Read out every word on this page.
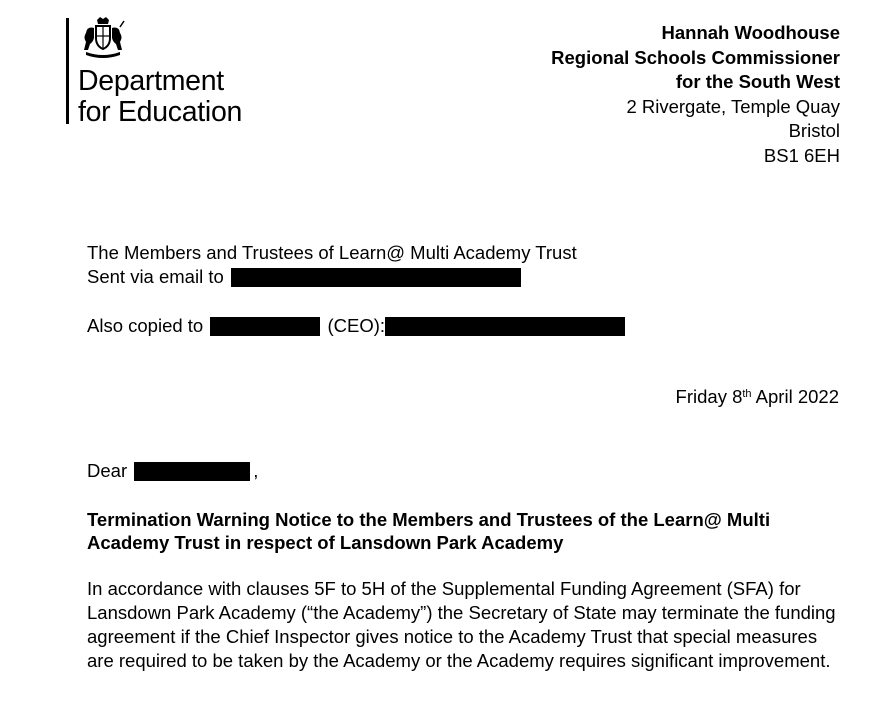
Department
for Education
Hannah Woodhouse
Regional Schools Commissioner
for the South West
2 Rivergate, Temple Quay
Bristol
BS1 6EH
The Members and Trustees of Learn@ Multi Academy Trust
Sent via email to
Also copied to	(CEO):
Friday 8th April 2022
Dear	,
Termination Warning Notice to the Members and Trustees of the Learn@ Multi Academy Trust in respect of Lansdown Park Academy
In accordance with clauses 5F to 5H of the Supplemental Funding Agreement (SFA) for Lansdown Park Academy (“the Academy”) the Secretary of State may terminate the funding agreement if the Chief Inspector gives notice to the Academy Trust that special measures are required to be taken by the Academy or the Academy requires significant improvement.
